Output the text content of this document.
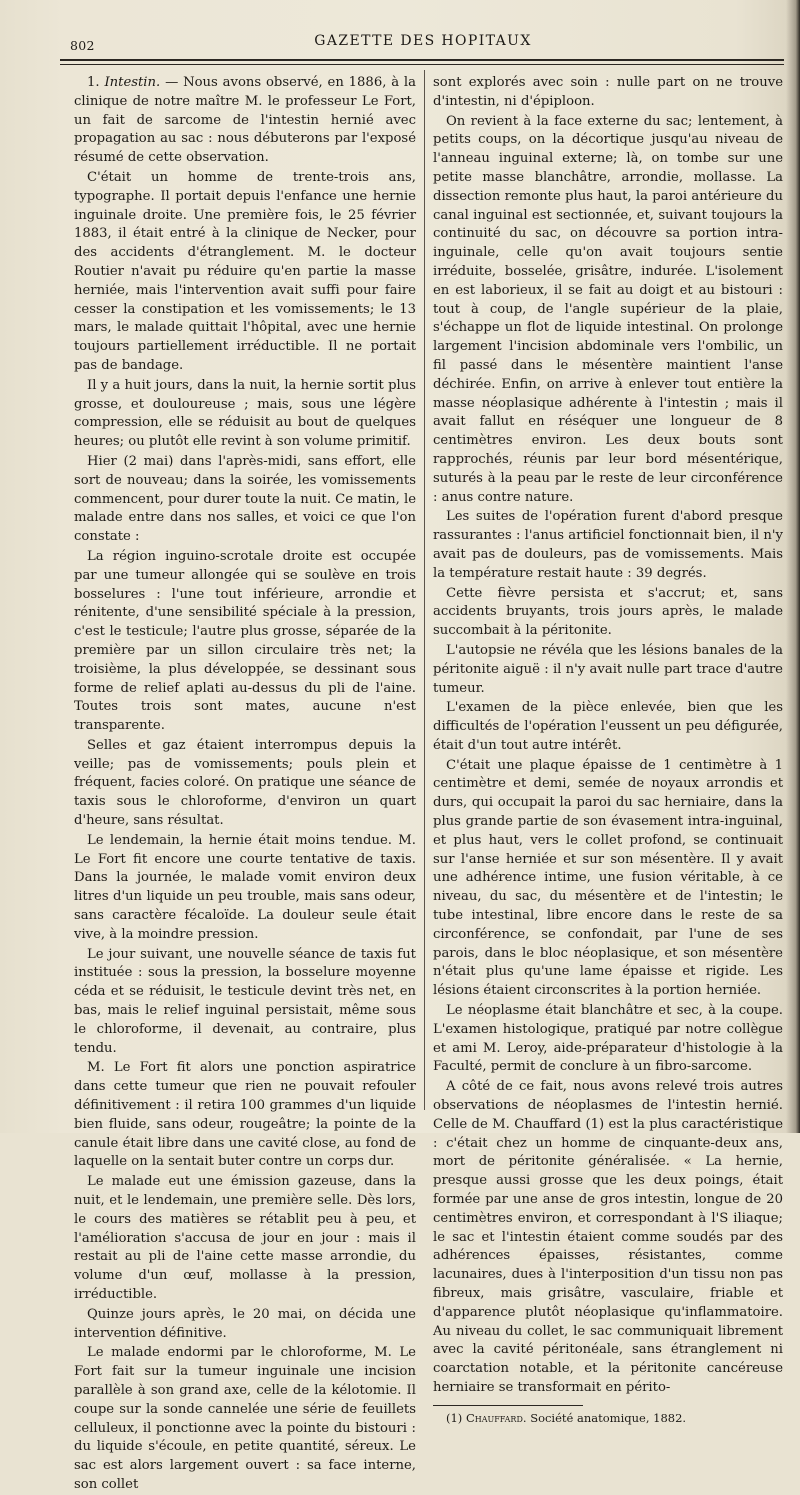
802	GAZETTE DES HOPITAUX

1. Intestin. — Nous avons observé, en 1886, à la clinique de notre maître M. le professeur Le Fort, un fait de sarcome de l'intestin hernié avec propagation au sac : nous débuterons par l'exposé résumé de cette observation.

C'était un homme de trente-trois ans, typographe. Il portait depuis l'enfance une hernie inguinale droite. Une première fois, le 25 février 1883, il était entré à la clinique de Necker, pour des accidents d'étranglement. M. le docteur Routier n'avait pu réduire qu'en partie la masse herniée, mais l'intervention avait suffi pour faire cesser la constipation et les vomissements; le 13 mars, le malade quittait l'hôpital, avec une hernie toujours partiellement irréductible. Il ne portait pas de bandage.

Il y a huit jours, dans la nuit, la hernie sortit plus grosse, et douloureuse ; mais, sous une légère compression, elle se réduisit au bout de quelques heures; ou plutôt elle revint à son volume primitif.

Hier (2 mai) dans l'après-midi, sans effort, elle sort de nouveau; dans la soirée, les vomissements commencent, pour durer toute la nuit. Ce matin, le malade entre dans nos salles, et voici ce que l'on constate :

La région inguino-scrotale droite est occupée par une tumeur allongée qui se soulève en trois bosselures : l'une tout inférieure, arrondie et rénitente, d'une sensibilité spéciale à la pression, c'est le testicule; l'autre plus grosse, séparée de la première par un sillon circulaire très net; la troisième, la plus développée, se dessinant sous forme de relief aplati au-dessus du pli de l'aine. Toutes trois sont mates, aucune n'est transparente.

Selles et gaz étaient interrompus depuis la veille; pas de vomissements; pouls plein et fréquent, facies coloré. On pratique une séance de taxis sous le chloroforme, d'environ un quart d'heure, sans résultat.

Le lendemain, la hernie était moins tendue. M. Le Fort fit encore une courte tentative de taxis. Dans la journée, le malade vomit environ deux litres d'un liquide un peu trouble, mais sans odeur, sans caractère fécaloïde. La douleur seule était vive, à la moindre pression.

Le jour suivant, une nouvelle séance de taxis fut instituée : sous la pression, la bosselure moyenne céda et se réduisit, le testicule devint très net, en bas, mais le relief inguinal persistait, même sous le chloroforme, il devenait, au contraire, plus tendu.

M. Le Fort fit alors une ponction aspiratrice dans cette tumeur que rien ne pouvait refouler définitivement : il retira 100 grammes d'un liquide bien fluide, sans odeur, rougeâtre; la pointe de la canule était libre dans une cavité close, au fond de laquelle on la sentait buter contre un corps dur.

Le malade eut une émission gazeuse, dans la nuit, et le lendemain, une première selle. Dès lors, le cours des matières se rétablit peu à peu, et l'amélioration s'accusa de jour en jour : mais il restait au pli de l'aine cette masse arrondie, du volume d'un œuf, mollasse à la pression, irréductible.

Quinze jours après, le 20 mai, on décida une intervention définitive.

Le malade endormi par le chloroforme, M. Le Fort fait sur la tumeur inguinale une incision parallèle à son grand axe, celle de la kélotomie. Il coupe sur la sonde cannelée une série de feuillets celluleux, il ponctionne avec la pointe du bistouri : du liquide s'écoule, en petite quantité, séreux. Le sac est alors largement ouvert : sa face interne, son collet

sont explorés avec soin : nulle part on ne trouve d'intestin, ni d'épiploon.

On revient à la face externe du sac; lentement, à petits coups, on la décortique jusqu'au niveau de l'anneau inguinal externe; là, on tombe sur une petite masse blanchâtre, arrondie, mollasse. La dissection remonte plus haut, la paroi antérieure du canal inguinal est sectionnée, et, suivant toujours la continuité du sac, on découvre sa portion intra-inguinale, celle qu'on avait toujours sentie irréduite, bosselée, grisâtre, indurée. L'isolement en est laborieux, il se fait au doigt et au bistouri : tout à coup, de l'angle supérieur de la plaie, s'échappe un flot de liquide intestinal. On prolonge largement l'incision abdominale vers l'ombilic, un fil passé dans le mésentère maintient l'anse déchirée. Enfin, on arrive à enlever tout entière la masse néoplasique adhérente à l'intestin ; mais il avait fallut en réséquer une longueur de 8 centimètres environ. Les deux bouts sont rapprochés, réunis par leur bord mésentérique, suturés à la peau par le reste de leur circonférence : anus contre nature.

Les suites de l'opération furent d'abord presque rassurantes : l'anus artificiel fonctionnait bien, il n'y avait pas de douleurs, pas de vomissements. Mais la température restait haute : 39 degrés.

Cette fièvre persista et s'accrut; et, sans accidents bruyants, trois jours après, le malade succombait à la péritonite.

L'autopsie ne révéla que les lésions banales de la péritonite aiguë : il n'y avait nulle part trace d'autre tumeur.

L'examen de la pièce enlevée, bien que les difficultés de l'opération l'eussent un peu défigurée, était d'un tout autre intérêt.

C'était une plaque épaisse de 1 centimètre à 1 centimètre et demi, semée de noyaux arrondis et durs, qui occupait la paroi du sac herniaire, dans la plus grande partie de son évasement intra-inguinal, et plus haut, vers le collet profond, se continuait sur l'anse herniée et sur son mésentère. Il y avait une adhérence intime, une fusion véritable, à ce niveau, du sac, du mésentère et de l'intestin; le tube intestinal, libre encore dans le reste de sa circonférence, se confondait, par l'une de ses parois, dans le bloc néoplasique, et son mésentère n'était plus qu'une lame épaisse et rigide. Les lésions étaient circonscrites à la portion herniée.

Le néoplasme était blanchâtre et sec, à la coupe. L'examen histologique, pratiqué par notre collègue et ami M. Leroy, aide-préparateur d'histologie à la Faculté, permit de conclure à un fibro-sarcome.

A côté de ce fait, nous avons relevé trois autres observations de néoplasmes de l'intestin hernié. Celle de M. Chauffard (1) est la plus caractéristique : c'était chez un homme de cinquante-deux ans, mort de péritonite généralisée. « La hernie, presque aussi grosse que les deux poings, était formée par une anse de gros intestin, longue de 20 centimètres environ, et correspondant à l'S iliaque; le sac et l'intestin étaient comme soudés par des adhérences épaisses, résistantes, comme lacunaires, dues à l'interposition d'un tissu non pas fibreux, mais grisâtre, vasculaire, friable et d'apparence plutôt néoplasique qu'inflammatoire. Au niveau du collet, le sac communiquait librement avec la cavité péritonéale, sans étranglement ni coarctation notable, et la péritonite cancéreuse herniaire se transformait en périto-

(1) Chauffard. Société anatomique, 1882.
